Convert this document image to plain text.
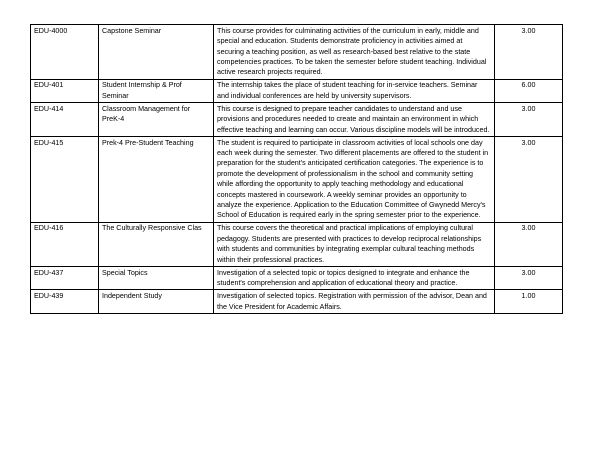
EDU-4000	Capstone Seminar	This course provides for culminating activities of the curriculum in early, middle and special and education. Students demonstrate proficiency in activities aimed at securing a teaching position, as well as research-based best relative to the state competencies practices. To be taken the semester before student teaching. Individual active research projects required.	3.00
EDU-401	Student Internship & Prof Seminar	The internship takes the place of student teaching for in-service teachers. Seminar and individual conferences are held by university supervisors.	6.00
EDU-414	Classroom Management for PreK-4	This course is designed to prepare teacher candidates to understand and use provisions and procedures needed to create and maintain an environment in which effective teaching and learning can occur. Various discipline models will be introduced.	3.00
EDU-415	Prek-4 Pre-Student Teaching	The student is required to participate in classroom activities of local schools one day each week during the semester. Two different placements are offered to the student in preparation for the student's anticipated certification categories. The experience is to promote the development of professionalism in the school and community setting while affording the opportunity to apply teaching methodology and educational concepts mastered in coursework. A weekly seminar provides an opportunity to analyze the experience. Application to the Education Committee of Gwynedd Mercy's School of Education is required early in the spring semester prior to the experience.	3.00
EDU-416	The Culturally Responsive Clas	This course covers the theoretical and practical implications of employing cultural pedagogy. Students are presented with practices to develop reciprocal relationships with students and communities by integrating exemplar cultural teaching methods within their professional practices.	3.00
EDU-437	Special Topics	Investigation of a selected topic or topics designed to integrate and enhance the student's comprehension and application of educational theory and practice.	3.00
EDU-439	Independent Study	Investigation of selected topics. Registration with permission of the advisor, Dean and the Vice President for Academic Affairs.	1.00
